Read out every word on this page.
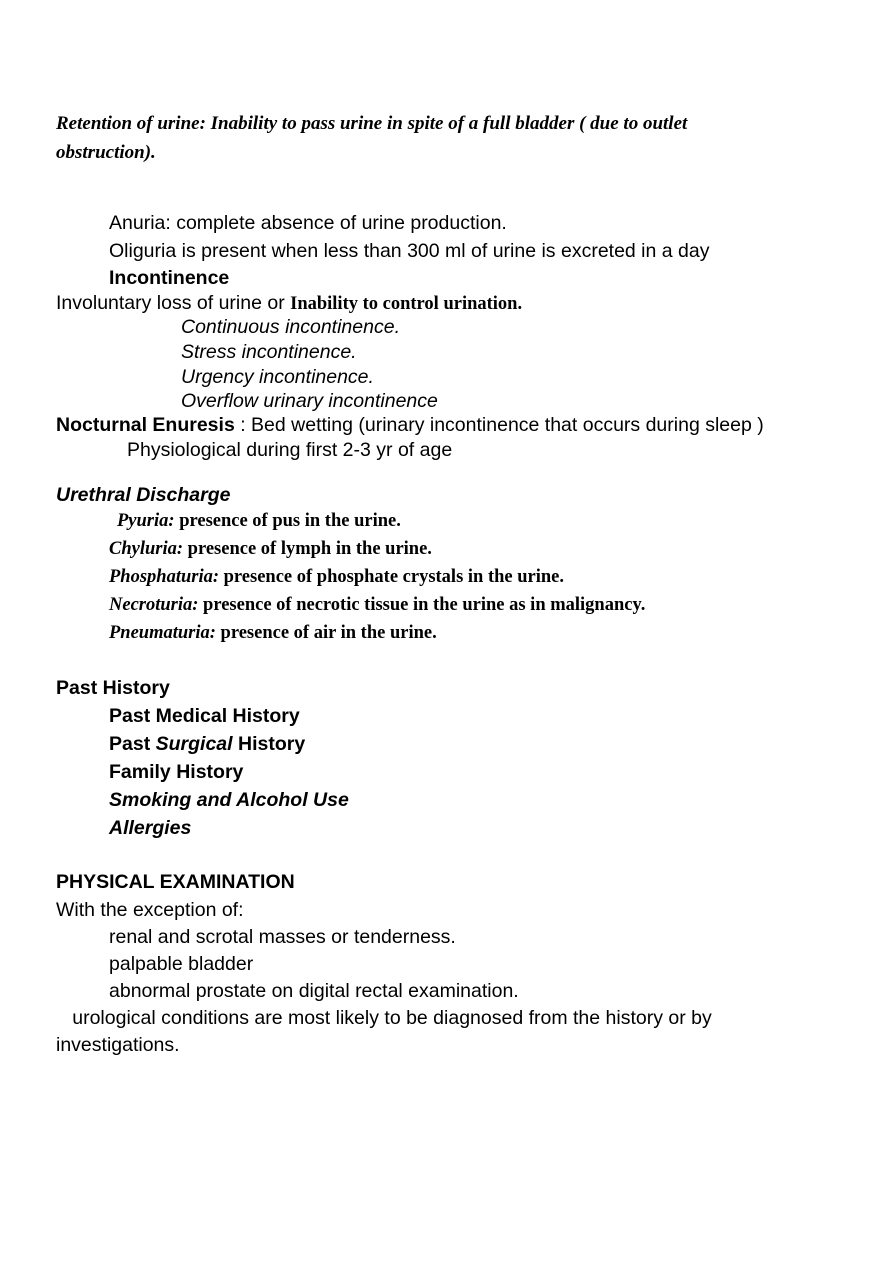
Retention of urine: Inability to pass urine in spite of a full bladder ( due to outlet
obstruction).
Anuria: complete absence of urine production.
Oliguria is present when less than 300 ml of urine is excreted in a day
Incontinence
Involuntary loss of urine or Inability to control urination.
Continuous incontinence.
Stress incontinence.
Urgency incontinence.
Overflow urinary incontinence
Nocturnal Enuresis : Bed wetting (urinary incontinence that occurs during sleep )
Physiological during first 2-3 yr of age
Urethral Discharge
Pyuria: presence of pus in the urine.
Chyluria: presence of lymph in the urine.
Phosphaturia: presence of phosphate crystals in the urine.
Necroturia: presence of necrotic tissue in the urine as in malignancy.
Pneumaturia: presence of air in the urine.
Past History
Past Medical History
Past Surgical History
Family History
Smoking and Alcohol Use
Allergies
PHYSICAL EXAMINATION
With the exception of:
renal and scrotal masses or tenderness.
palpable bladder
abnormal prostate on digital rectal examination.
urological conditions are most likely to be diagnosed from the history or by
investigations.
